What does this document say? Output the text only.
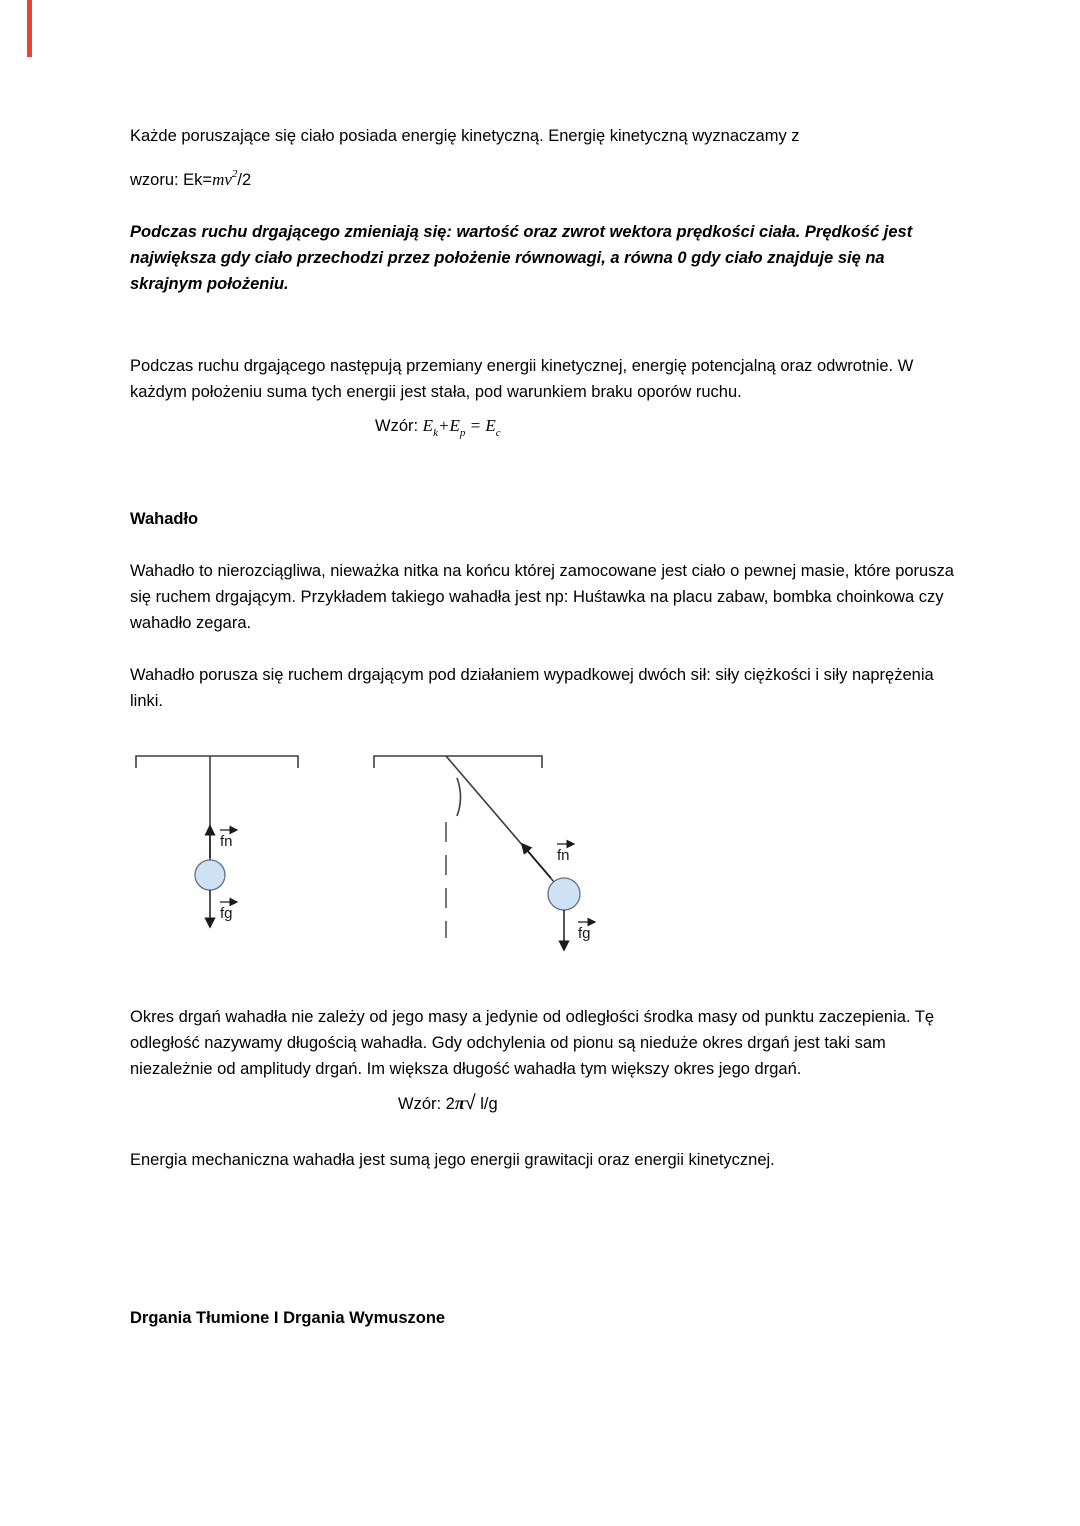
Każde poruszające się ciało posiada energię kinetyczną. Energię kinetyczną wyznaczamy z
wzoru: $Ek=mv^2/2$

Podczas ruchu drgającego zmieniają się: wartość oraz zwrot wektora prędkości ciała. Prędkość jest największa gdy ciało przechodzi przez położenie równowagi, a równa 0 gdy ciało znajduje się na skrajnym położeniu.

Podczas ruchu drgającego następują przemiany energii kinetycznej, energię potencjalną oraz odwrotnie. W każdym położeniu suma tych energii jest stała, pod warunkiem braku oporów ruchu.

Wzór: $E_k+E_p = E_c$

Wahadło

Wahadło to nierozciągliwa, nieważka nitka na końcu której zamocowane jest ciało o pewnej masie, które porusza się ruchem drgającym. Przykładem takiego wahadła jest np: Huśtawka na placu zabaw, bombka choinkowa czy wahadło zegara.

Wahadło porusza się ruchem drgającym pod działaniem wypadkowej dwóch sił: siły ciężkości i siły naprężenia linki.

fn
fg
fn
fg

Okres drgań wahadła nie zależy od jego masy a jedynie od odległości środka masy od punktu zaczepienia. Tę odległość nazywamy długością wahadła. Gdy odchylenia od pionu są nieduże okres drgań jest taki sam niezależnie od amplitudy drgań. Im większa długość wahadła tym większy okres jego drgań.

Wzór: 2π√ l/g

Energia mechaniczna wahadła jest sumą jego energii grawitacji oraz energii kinetycznej.

Drgania Tłumione I Drgania Wymuszone
